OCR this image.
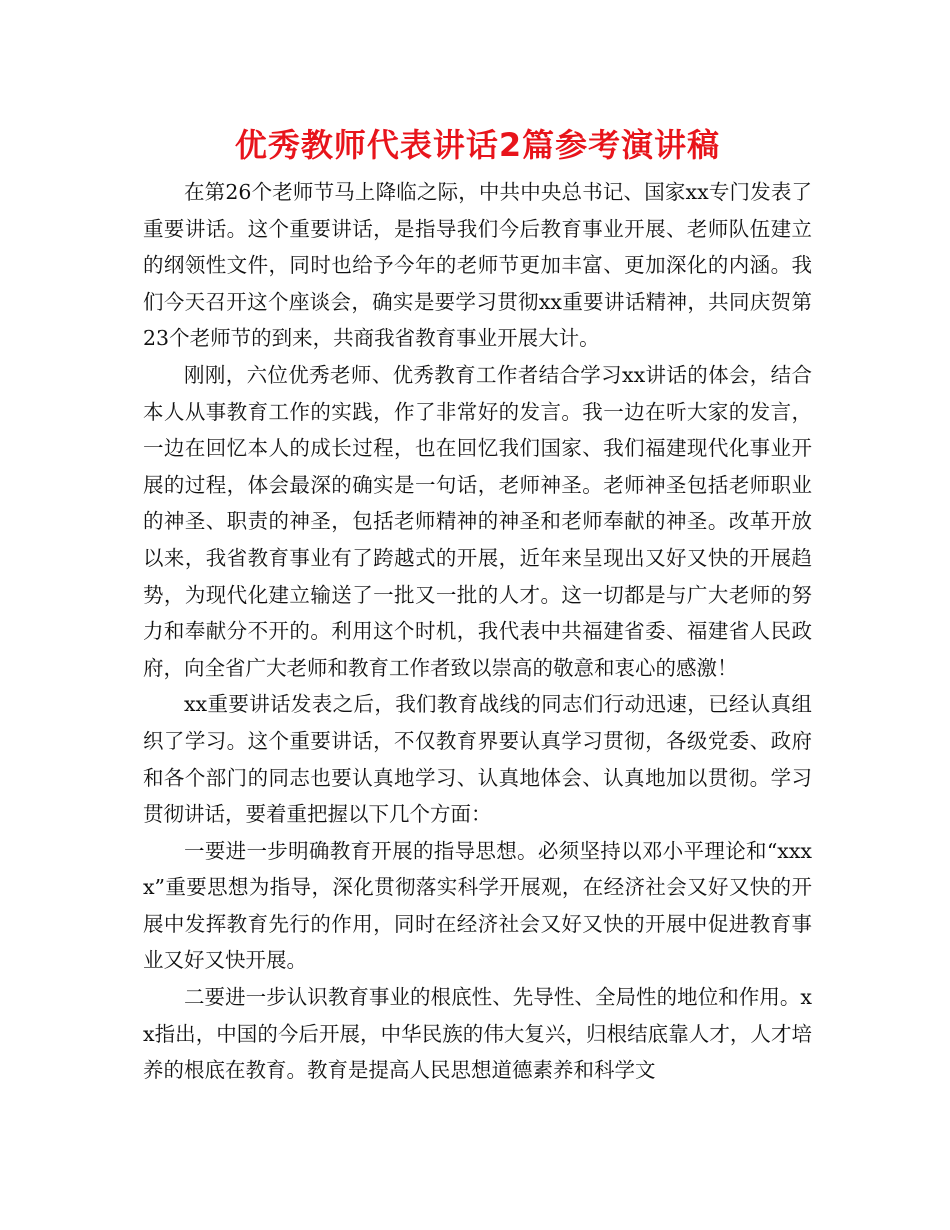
优秀教师代表讲话2篇参考演讲稿

在第26个老师节马上降临之际，中共中央总书记、国家xx专门发表了重要讲话。这个重要讲话，是指导我们今后教育事业开展、老师队伍建立的纲领性文件，同时也给予今年的老师节更加丰富、更加深化的内涵。我们今天召开这个座谈会，确实是要学习贯彻xx重要讲话精神，共同庆贺第23个老师节的到来，共商我省教育事业开展大计。

刚刚，六位优秀老师、优秀教育工作者结合学习xx讲话的体会，结合本人从事教育工作的实践，作了非常好的发言。我一边在听大家的发言，一边在回忆本人的成长过程，也在回忆我们国家、我们福建现代化事业开展的过程，体会最深的确实是一句话，老师神圣。老师神圣包括老师职业的神圣、职责的神圣，包括老师精神的神圣和老师奉献的神圣。改革开放以来，我省教育事业有了跨越式的开展，近年来呈现出又好又快的开展趋势，为现代化建立输送了一批又一批的人才。这一切都是与广大老师的努力和奉献分不开的。利用这个时机，我代表中共福建省委、福建省人民政府，向全省广大老师和教育工作者致以崇高的敬意和衷心的感激！

xx重要讲话发表之后，我们教育战线的同志们行动迅速，已经认真组织了学习。这个重要讲话，不仅教育界要认真学习贯彻，各级党委、政府和各个部门的同志也要认真地学习、认真地体会、认真地加以贯彻。学习贯彻讲话，要着重把握以下几个方面：

一要进一步明确教育开展的指导思想。必须坚持以邓小平理论和“xxxx”重要思想为指导，深化贯彻落实科学开展观，在经济社会又好又快的开展中发挥教育先行的作用，同时在经济社会又好又快的开展中促进教育事业又好又快开展。

二要进一步认识教育事业的根底性、先导性、全局性的地位和作用。xx指出，中国的今后开展，中华民族的伟大复兴，归根结底靠人才，人才培养的根底在教育。教育是提高人民思想道德素养和科学文
